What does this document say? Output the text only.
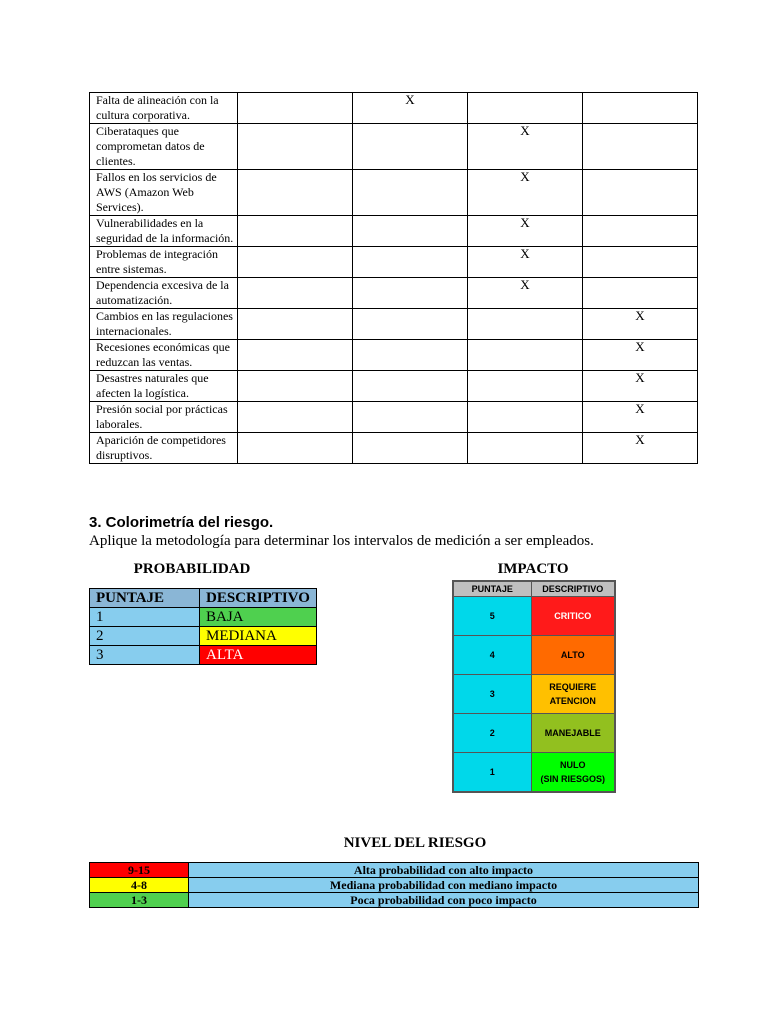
Falta de alineación con la cultura corporativa.		X		
Ciberataques que comprometan datos de clientes.			X	
Fallos en los servicios de AWS (Amazon Web Services).			X	
Vulnerabilidades en la seguridad de la información.			X	
Problemas de integración entre sistemas.			X	
Dependencia excesiva de la automatización.			X	
Cambios en las regulaciones internacionales.				X
Recesiones económicas que reduzcan las ventas.				X
Desastres naturales que afecten la logística.				X
Presión social por prácticas laborales.				X
Aparición de competidores disruptivos.				X
3. Colorimetría del riesgo.
Aplique la metodología para determinar los intervalos de medición a ser empleados.
PROBABILIDAD
PUNTAJE	DESCRIPTIVO
1	BAJA
2	MEDIANA
3	ALTA
IMPACTO
PUNTAJE	DESCRIPTIVO
5	CRITICO
4	ALTO
3	REQUIERE
ATENCION
2	MANEJABLE
1	NULO
(SIN RIESGOS)
NIVEL DEL RIESGO
9-15	Alta probabilidad con alto impacto
4-8	Mediana probabilidad con mediano impacto
1-3	Poca probabilidad con poco impacto
